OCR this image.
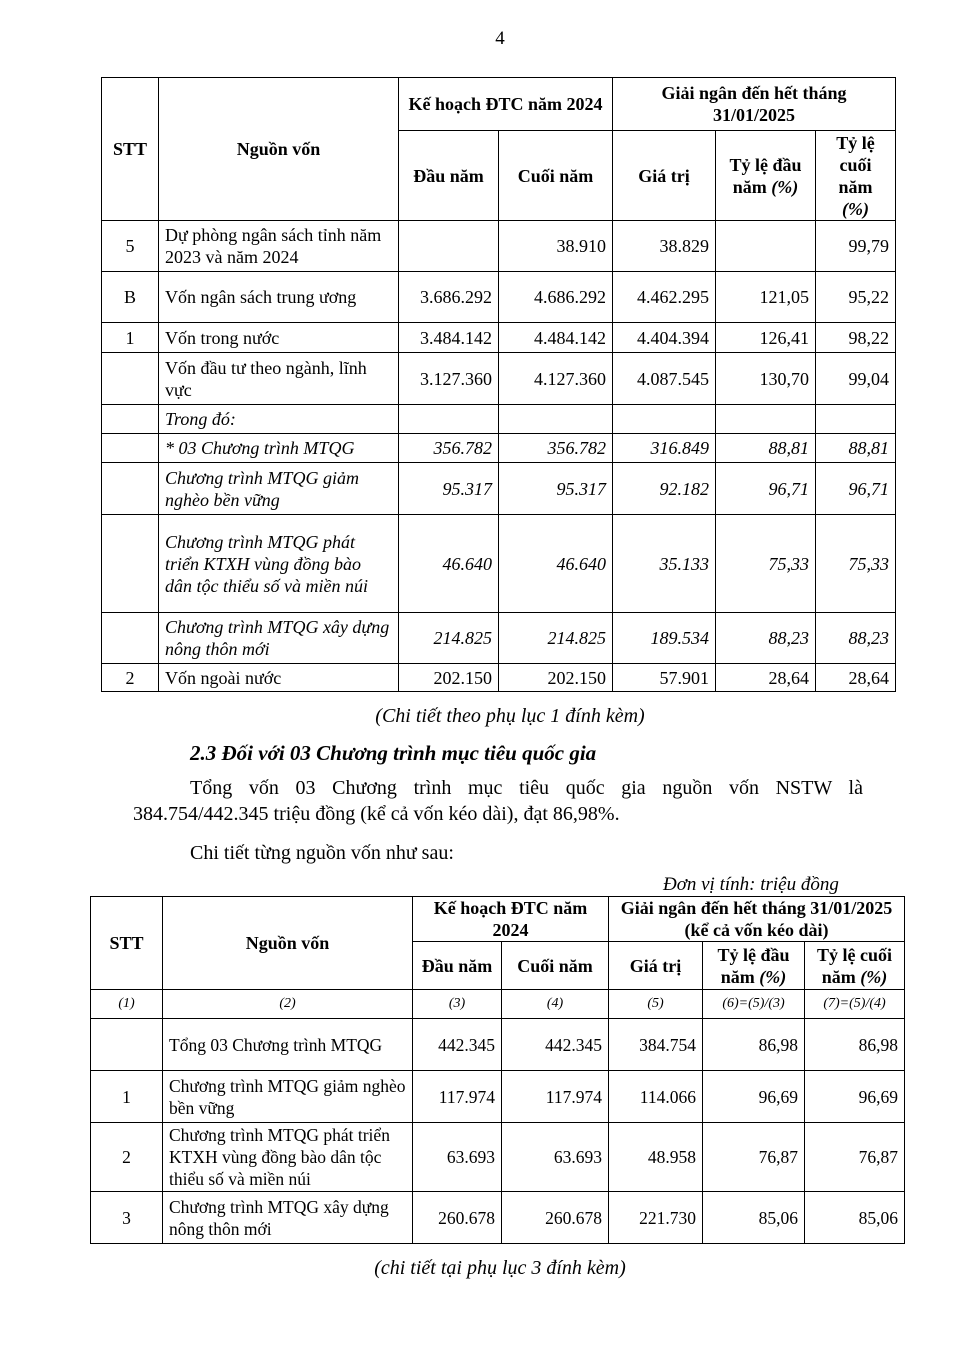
4
STT	Nguồn vốn	Kế hoạch ĐTC năm 2024		Giải ngân đến hết tháng 31/01/2025		
		Đầu năm	Cuối năm	Giá trị	Tỷ lệ đầu năm (%)	Tỷ lệ cuối năm (%)
5	Dự phòng ngân sách tỉnh năm 2023 và năm 2024		38.910	38.829		99,79
B	Vốn ngân sách trung ương	3.686.292	4.686.292	4.462.295	121,05	95,22
1	Vốn trong nước	3.484.142	4.484.142	4.404.394	126,41	98,22
	Vốn đầu tư theo ngành, lĩnh vực	3.127.360	4.127.360	4.087.545	130,70	99,04
	Trong đó:					
	* 03 Chương trình MTQG	356.782	356.782	316.849	88,81	88,81
	Chương trình MTQG giảm nghèo bền vững	95.317	95.317	92.182	96,71	96,71
	Chương trình MTQG phát triển KTXH vùng đồng bào dân tộc thiểu số và miền núi	46.640	46.640	35.133	75,33	75,33
	Chương trình MTQG xây dựng nông thôn mới	214.825	214.825	189.534	88,23	88,23
2	Vốn ngoài nước	202.150	202.150	57.901	28,64	28,64
(Chi tiết theo phụ lục 1 đính kèm)
2.3 Đối với 03 Chương trình mục tiêu quốc gia
Tổng vốn 03 Chương trình mục tiêu quốc gia nguồn vốn NSTW là 384.754/442.345 triệu đồng (kể cả vốn kéo dài), đạt 86,98%.
Chi tiết từng nguồn vốn như sau:
Đơn vị tính: triệu đồng
STT	Nguồn vốn	Kế hoạch ĐTC năm 2024		Giải ngân đến hết tháng 31/01/2025 (kể cả vốn kéo dài)		
		Đầu năm	Cuối năm	Giá trị	Tỷ lệ đầu năm (%)	Tỷ lệ cuối năm (%)
(1)	(2)	(3)	(4)	(5)	(6)=(5)/(3)	(7)=(5)/(4)
	Tổng 03 Chương trình MTQG	442.345	442.345	384.754	86,98	86,98
1	Chương trình MTQG giảm nghèo bền vững	117.974	117.974	114.066	96,69	96,69
2	Chương trình MTQG phát triển KTXH vùng đồng bào dân tộc thiểu số và miền núi	63.693	63.693	48.958	76,87	76,87
3	Chương trình MTQG xây dựng nông thôn mới	260.678	260.678	221.730	85,06	85,06
(chi tiết tại phụ lục 3 đính kèm)
